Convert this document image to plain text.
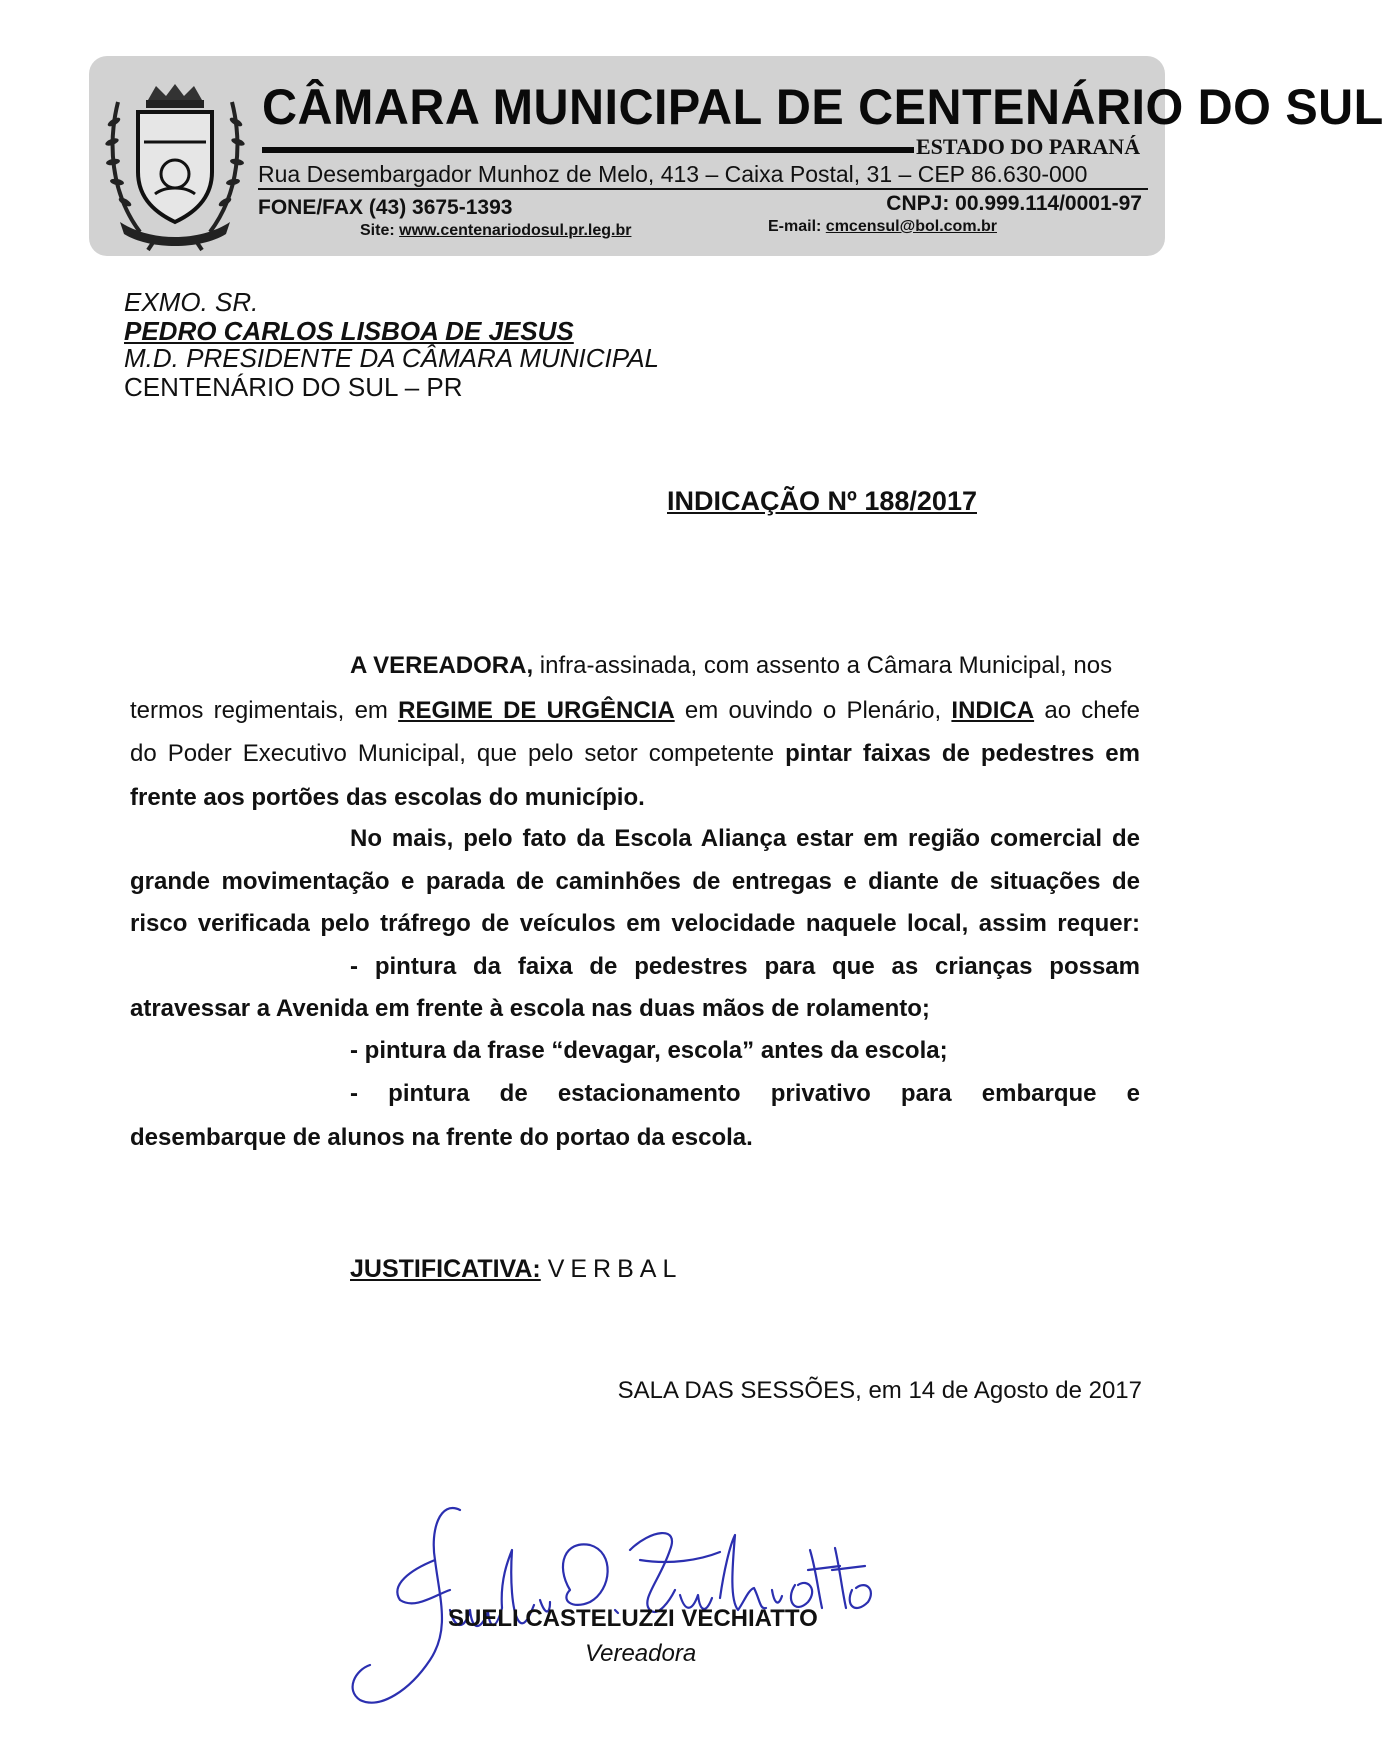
CÂMARA MUNICIPAL DE CENTENÁRIO DO SUL
ESTADO DO PARANÁ
Rua Desembargador Munhoz de Melo, 413 – Caixa Postal, 31 – CEP 86.630-000
FONE/FAX (43) 3675-1393	CNPJ: 00.999.114/0001-97
Site: www.centenariodosul.pr.leg.br	E-mail: cmcensul@bol.com.br
EXMO. SR.
PEDRO CARLOS LISBOA DE JESUS
M.D. PRESIDENTE DA CÂMARA MUNICIPAL
CENTENÁRIO DO SUL – PR
INDICAÇÃO Nº 188/2017
A VEREADORA, infra-assinada, com assento a Câmara Municipal, nos
termos regimentais, em REGIME DE URGÊNCIA em ouvindo o Plenário, INDICA ao chefe
do Poder Executivo Municipal, que pelo setor competente pintar faixas de pedestres em
frente aos portões das escolas do município.
No mais, pelo fato da Escola Aliança estar em região comercial de
grande movimentação e parada de caminhões de entregas e diante de situações de
risco verificada pelo tráfrego de veículos em velocidade naquele local, assim requer:
- pintura da faixa de pedestres para que as crianças possam
atravessar a Avenida em frente à escola nas duas mãos de rolamento;
- pintura da frase “devagar, escola” antes da escola;
- pintura de estacionamento privativo para embarque e
desembarque de alunos na frente do portao da escola.
JUSTIFICATIVA: VERBAL
SALA DAS SESSÕES, em 14 de Agosto de 2017
SUELI CASTELUZZI VECHIATTO
Vereadora
